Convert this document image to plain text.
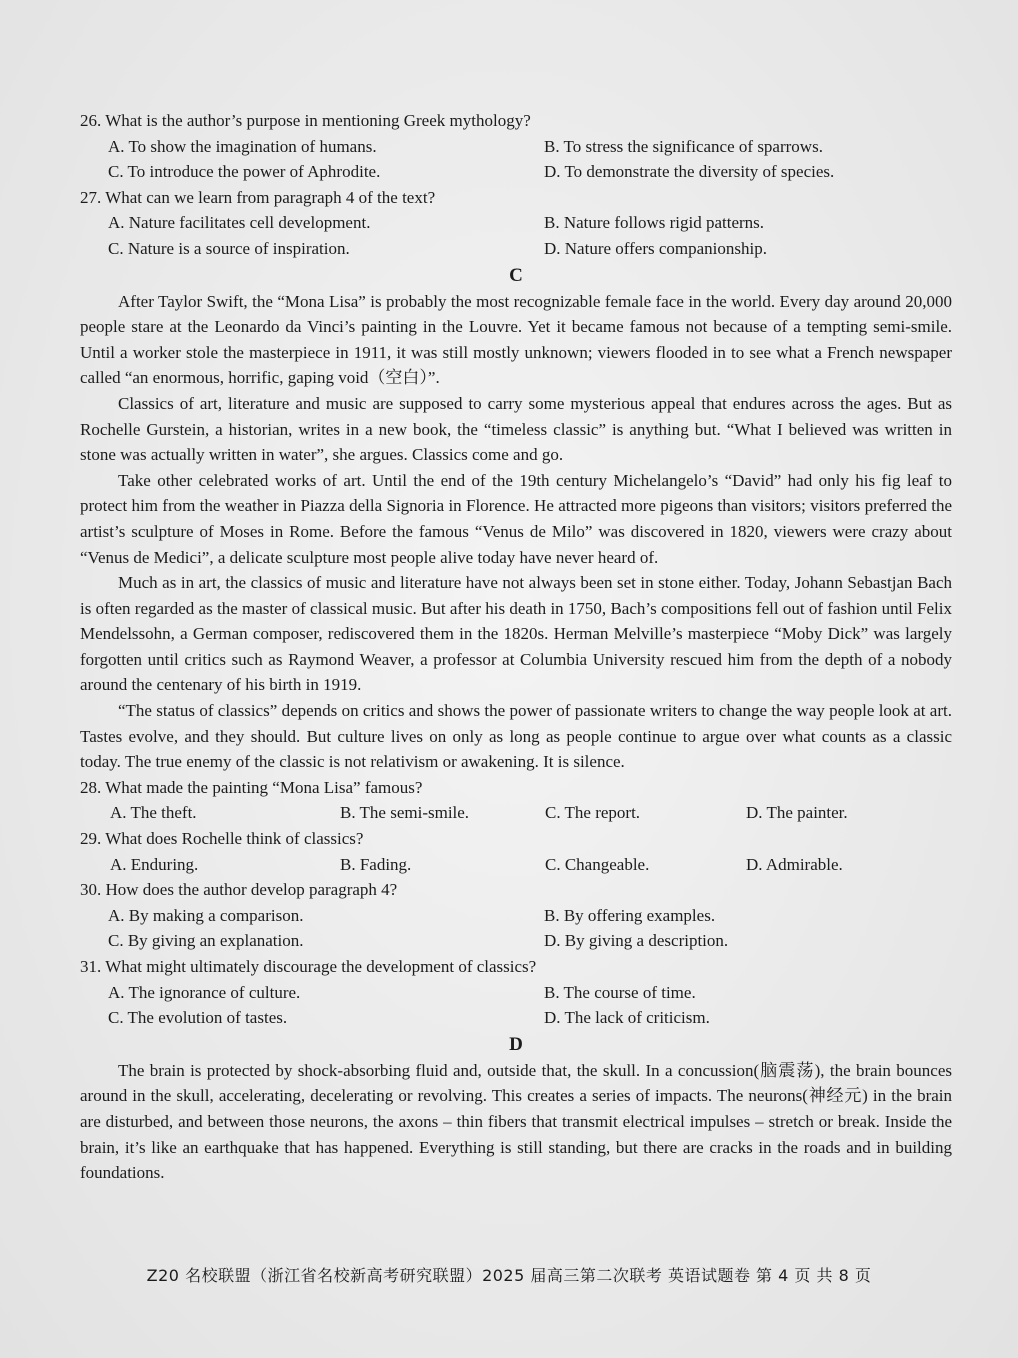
26. What is the author’s purpose in mentioning Greek mythology?

A. To show the imagination of humans.	B. To stress the significance of sparrows.
C. To introduce the power of Aphrodite.	D. To demonstrate the diversity of species.

27. What can we learn from paragraph 4 of the text?

A. Nature facilitates cell development.	B. Nature follows rigid patterns.
C. Nature is a source of inspiration.	D. Nature offers companionship.

C

After Taylor Swift, the “Mona Lisa” is probably the most recognizable female face in the world. Every day around 20,000 people stare at the Leonardo da Vinci’s painting in the Louvre. Yet it became famous not because of a tempting semi-smile. Until a worker stole the masterpiece in 1911, it was still mostly unknown; viewers flooded in to see what a French newspaper called “an enormous, horrific, gaping void（空白）”.

Classics of art, literature and music are supposed to carry some mysterious appeal that endures across the ages. But as Rochelle Gurstein, a historian, writes in a new book, the “timeless classic” is anything but. “What I believed was written in stone was actually written in water”, she argues. Classics come and go.

Take other celebrated works of art. Until the end of the 19th century Michelangelo’s “David” had only his fig leaf to protect him from the weather in Piazza della Signoria in Florence. He attracted more pigeons than visitors; visitors preferred the artist’s sculpture of Moses in Rome. Before the famous “Venus de Milo” was discovered in 1820, viewers were crazy about “Venus de Medici”, a delicate sculpture most people alive today have never heard of.

Much as in art, the classics of music and literature have not always been set in stone either. Today, Johann Sebastjan Bach is often regarded as the master of classical music. But after his death in 1750, Bach’s compositions fell out of fashion until Felix Mendelssohn, a German composer, rediscovered them in the 1820s. Herman Melville’s masterpiece “Moby Dick” was largely forgotten until critics such as Raymond Weaver, a professor at Columbia University rescued him from the depth of a nobody around the centenary of his birth in 1919.

“The status of classics” depends on critics and shows the power of passionate writers to change the way people look at art. Tastes evolve, and they should. But culture lives on only as long as people continue to argue over what counts as a classic today. The true enemy of the classic is not relativism or awakening. It is silence.

28. What made the painting “Mona Lisa” famous?

A. The theft.	B. The semi-smile.	C. The report.	D. The painter.

29. What does Rochelle think of classics?

A. Enduring.	B. Fading.	C. Changeable.	D. Admirable.

30. How does the author develop paragraph 4?

A. By making a comparison.	B. By offering examples.
C. By giving an explanation.	D. By giving a description.

31. What might ultimately discourage the development of classics?

A. The ignorance of culture.	B. The course of time.
C. The evolution of tastes.	D. The lack of criticism.

D

The brain is protected by shock-absorbing fluid and, outside that, the skull. In a concussion(脑震荡), the brain bounces around in the skull, accelerating, decelerating or revolving. This creates a series of impacts. The neurons(神经元) in the brain are disturbed, and between those neurons, the axons – thin fibers that transmit electrical impulses – stretch or break. Inside the brain, it’s like an earthquake that has happened. Everything is still standing, but there are cracks in the roads and in building foundations.

Z20 名校联盟（浙江省名校新高考研究联盟）2025 届高三第二次联考 英语试题卷 第 4 页 共 8 页
